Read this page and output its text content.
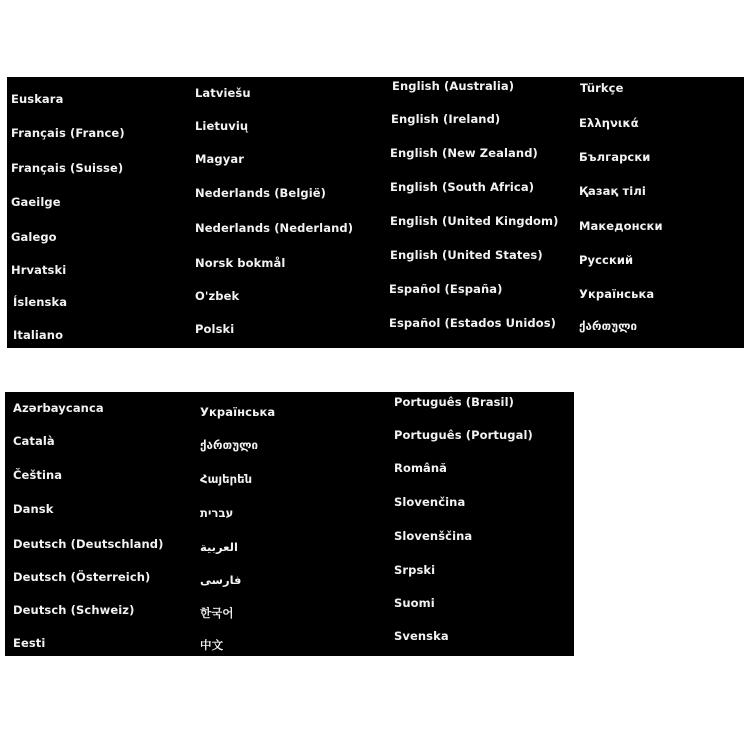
Euskara
Français (France)
Français (Suisse)
Gaeilge
Galego
Hrvatski
Íslenska
Italiano
Latviešu
Lietuvių
Magyar
Nederlands (België)
Nederlands (Nederland)
Norsk bokmål
O'zbek
Polski
English (Australia)
English (Ireland)
English (New Zealand)
English (South Africa)
English (United Kingdom)
English (United States)
Español (España)
Español (Estados Unidos)
Türkçe
Ελληνικά
Български
Қазақ тілі
Македонски
Русский
Українська
ქართული
Azərbaycanca
Català
Čeština
Dansk
Deutsch (Deutschland)
Deutsch (Österreich)
Deutsch (Schweiz)
Eesti
Українська
ქართული
Հայերեն
עברית
العربية
فارسی
한국어
中文
Português (Brasil)
Português (Portugal)
Română
Slovenčina
Slovenščina
Srpski
Suomi
Svenska
